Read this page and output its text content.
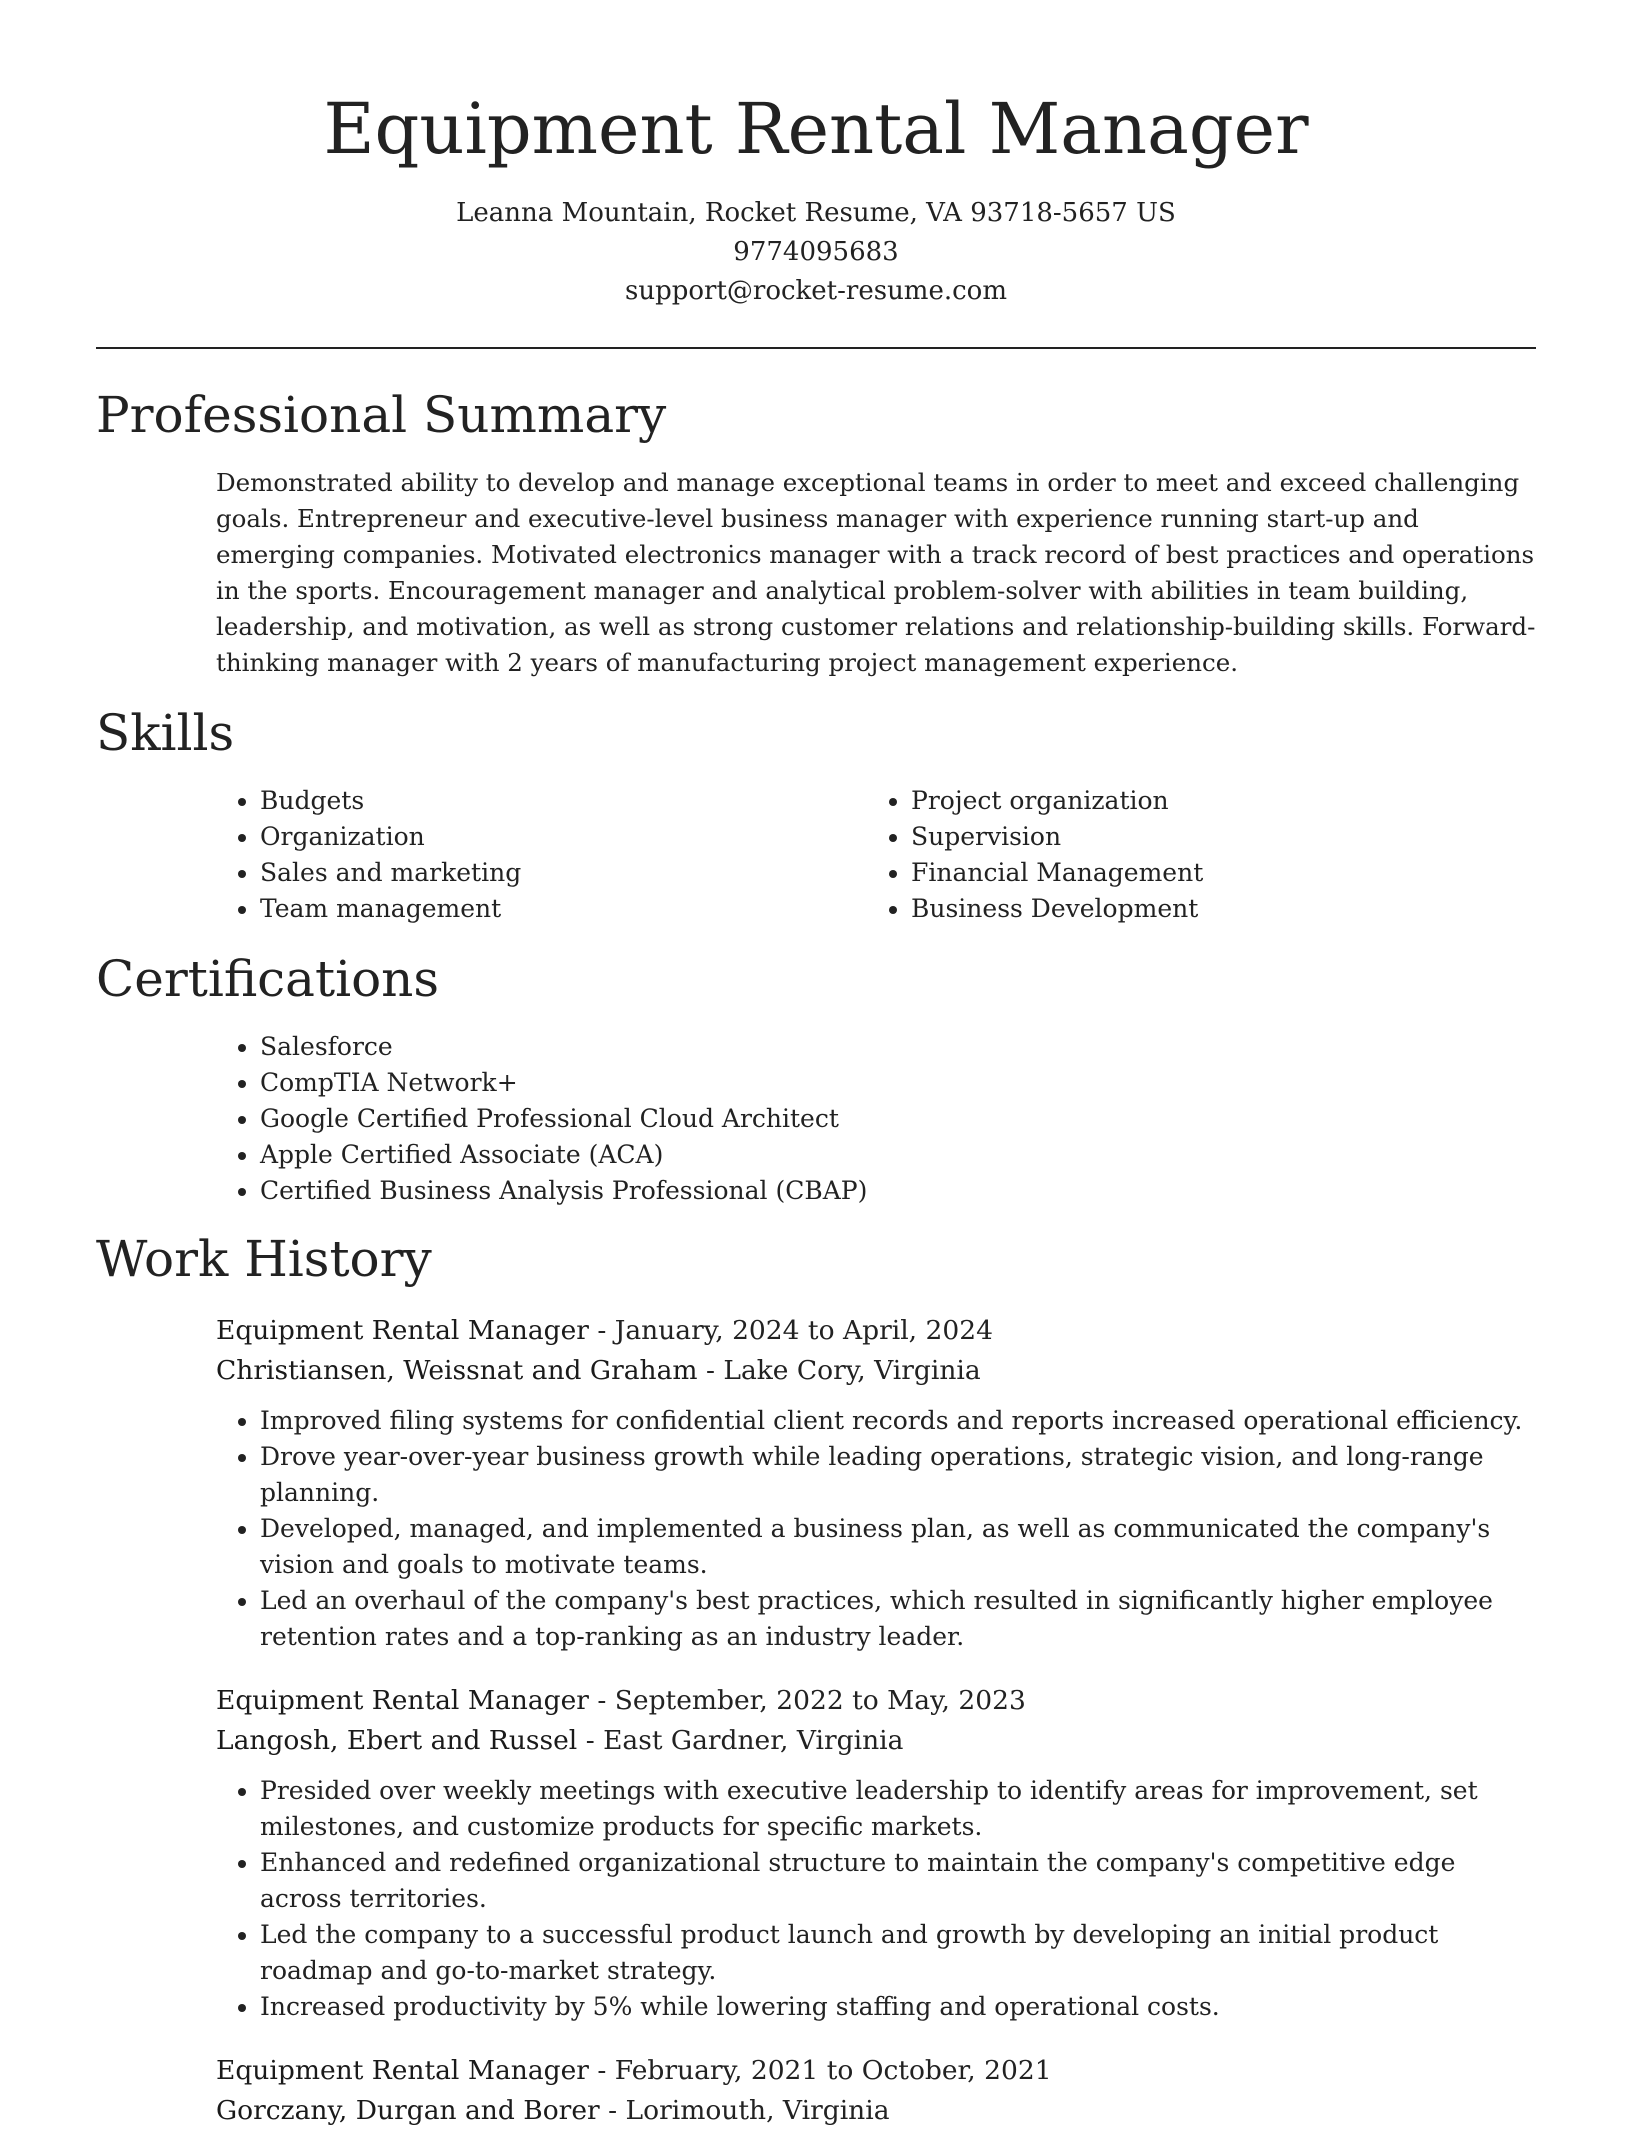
Equipment Rental Manager
Leanna Mountain, Rocket Resume, VA 93718-5657 US
9774095683
support@rocket-resume.com
Professional Summary

Demonstrated ability to develop and manage exceptional teams in order to meet and exceed challenging goals. Entrepreneur and executive-level business manager with experience running start-up and emerging companies. Motivated electronics manager with a track record of best practices and operations in the sports. Encouragement manager and analytical problem-solver with abilities in team building, leadership, and motivation, as well as strong customer relations and relationship-building skills. Forward-thinking manager with 2 years of manufacturing project management experience.

Skills
• Budgets
• Organization
• Sales and marketing
• Team management
• Project organization
• Supervision
• Financial Management
• Business Development
Certifications
• Salesforce
• CompTIA Network+
• Google Certified Professional Cloud Architect
• Apple Certified Associate (ACA)
• Certified Business Analysis Professional (CBAP)
Work History
Equipment Rental Manager - January, 2024 to April, 2024
Christiansen, Weissnat and Graham - Lake Cory, Virginia
• Improved filing systems for confidential client records and reports increased operational efficiency.
• Drove year-over-year business growth while leading operations, strategic vision, and long-range planning.
• Developed, managed, and implemented a business plan, as well as communicated the company's vision and goals to motivate teams.
• Led an overhaul of the company's best practices, which resulted in significantly higher employee retention rates and a top-ranking as an industry leader.
Equipment Rental Manager - September, 2022 to May, 2023
Langosh, Ebert and Russel - East Gardner, Virginia
• Presided over weekly meetings with executive leadership to identify areas for improvement, set milestones, and customize products for specific markets.
• Enhanced and redefined organizational structure to maintain the company's competitive edge across territories.
• Led the company to a successful product launch and growth by developing an initial product roadmap and go-to-market strategy.
• Increased productivity by 5% while lowering staffing and operational costs.
Equipment Rental Manager - February, 2021 to October, 2021
Gorczany, Durgan and Borer - Lorimouth, Virginia
